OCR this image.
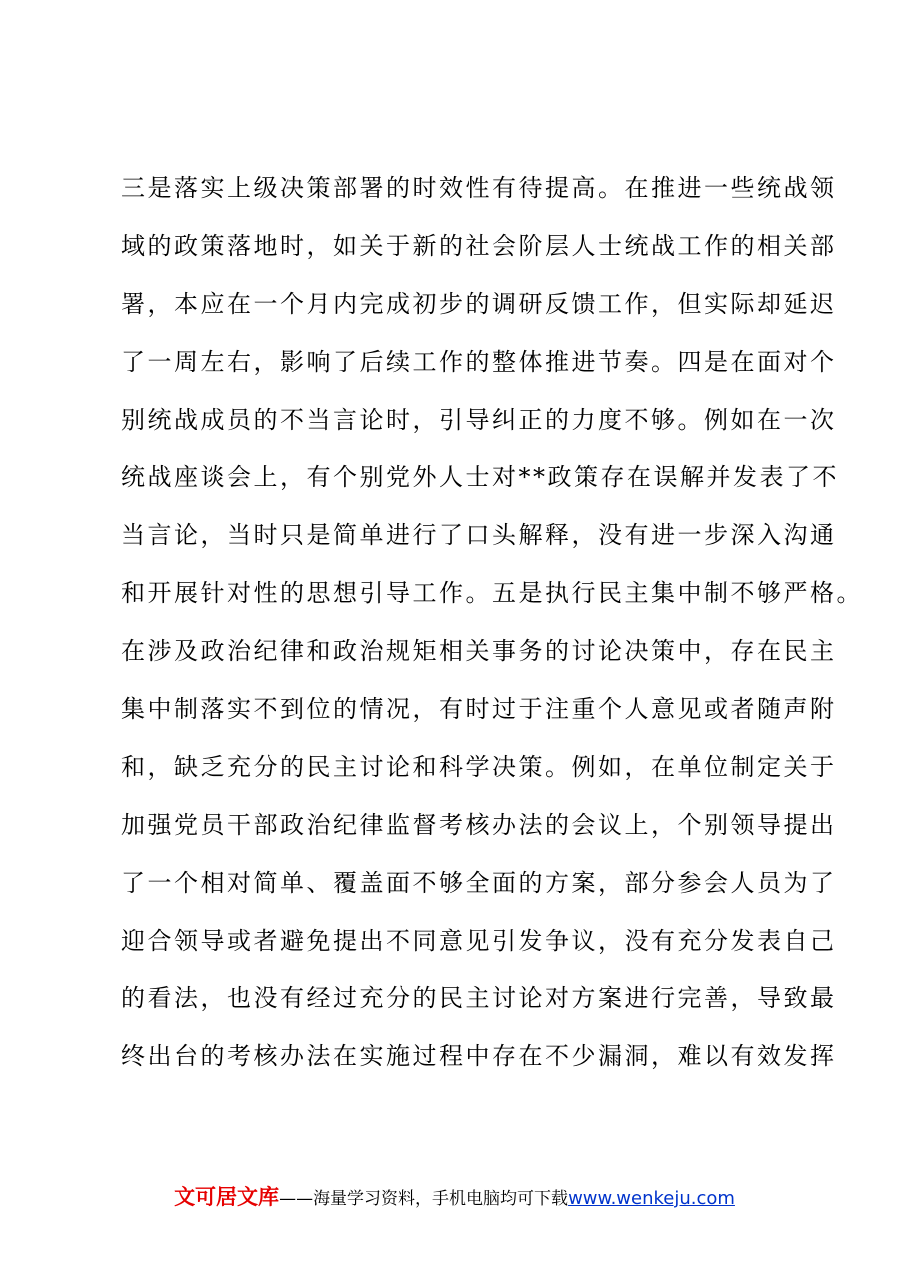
三是落实上级决策部署的时效性有待提高。在推进一些统战领
域的政策落地时，如关于新的社会阶层人士统战工作的相关部
署，本应在一个月内完成初步的调研反馈工作，但实际却延迟
了一周左右，影响了后续工作的整体推进节奏。四是在面对个
别统战成员的不当言论时，引导纠正的力度不够。例如在一次
统战座谈会上，有个别党外人士对**政策存在误解并发表了不
当言论，当时只是简单进行了口头解释，没有进一步深入沟通
和开展针对性的思想引导工作。五是执行民主集中制不够严格。
在涉及政治纪律和政治规矩相关事务的讨论决策中，存在民主
集中制落实不到位的情况，有时过于注重个人意见或者随声附
和，缺乏充分的民主讨论和科学决策。例如，在单位制定关于
加强党员干部政治纪律监督考核办法的会议上，个别领导提出
了一个相对简单、覆盖面不够全面的方案，部分参会人员为了
迎合领导或者避免提出不同意见引发争议，没有充分发表自己
的看法，也没有经过充分的民主讨论对方案进行完善，导致最
终出台的考核办法在实施过程中存在不少漏洞，难以有效发挥
文可居文库——海量学习资料，手机电脑均可下载www.wenkeju.com
